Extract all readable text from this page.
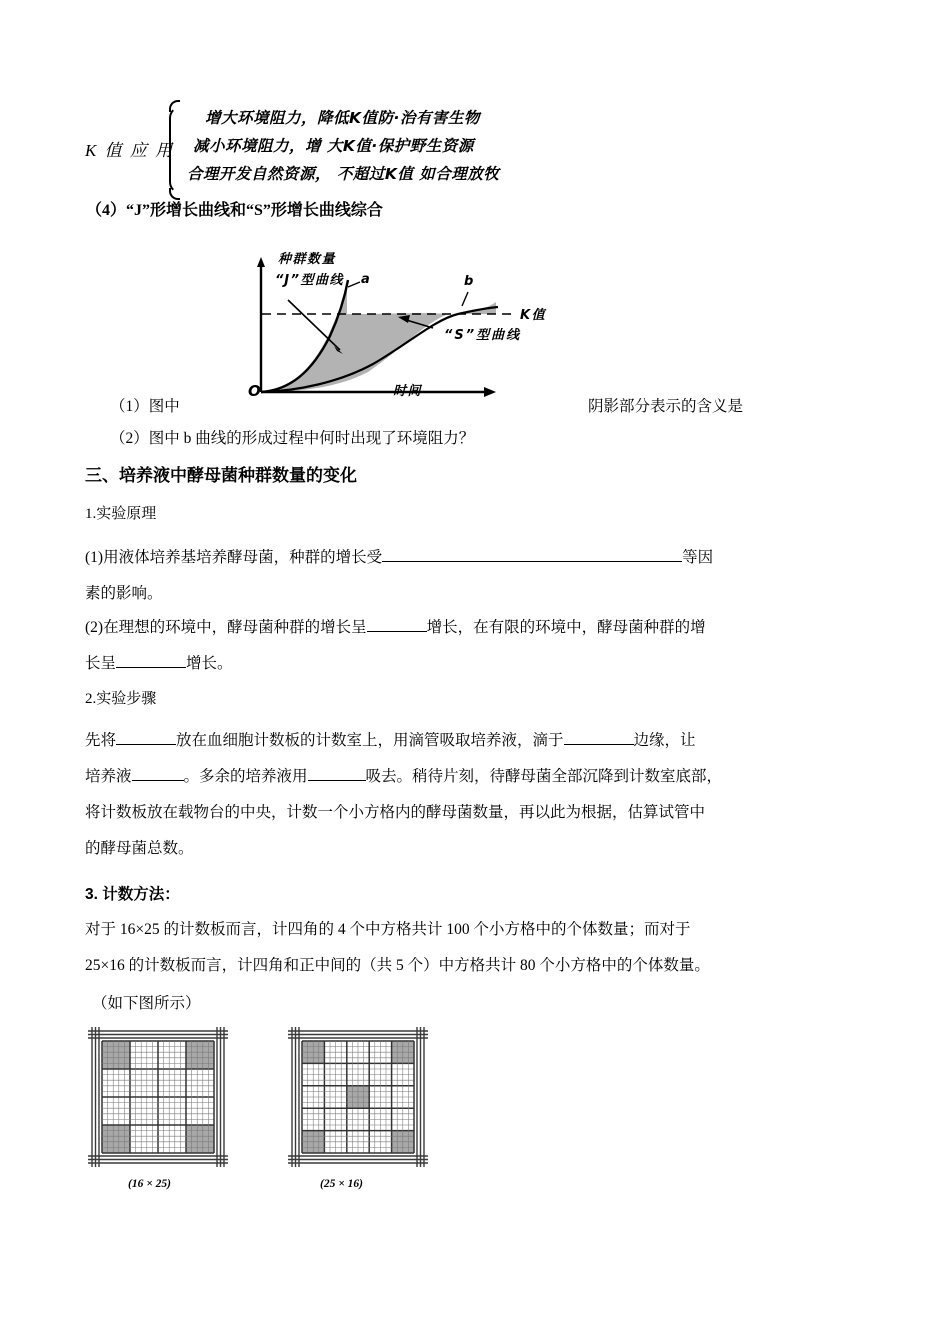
K 值 应 用
增大环境阻力，降低K值防·治有害生物
减小环境阻力，增 大K值·保护野生资源
合理开发自然资源， 不超过K值 如合理放牧
（4）“J”形增长曲线和“S”形增长曲线综合
种群数量
“J”型曲线 a	b
K值
“S”型曲线
O	时间
（1）图中	阴影部分表示的含义是
（2）图中 b 曲线的形成过程中何时出现了环境阻力？
三、培养液中酵母菌种群数量的变化
1.实验原理
(1)用液体培养基培养酵母菌，种群的增长受	等因
素的影响。
(2)在理想的环境中，酵母菌种群的增长呈	增长，在有限的环境中，酵母菌种群的增
长呈	增长。
2.实验步骤
先将	放在血细胞计数板的计数室上，用滴管吸取培养液，滴于	边缘，让
培养液	。多余的培养液用	吸去。稍待片刻，待酵母菌全部沉降到计数室底部，
将计数板放在载物台的中央，计数一个小方格内的酵母菌数量，再以此为根据，估算试管中
的酵母菌总数。
3. 计数方法：
对于 16×25 的计数板而言，计四角的 4 个中方格共计 100 个小方格中的个体数量；而对于
25×16 的计数板而言，计四角和正中间的（共 5 个）中方格共计 80 个小方格中的个体数量。
（如下图所示）
(16 × 25)	(25 × 16)
